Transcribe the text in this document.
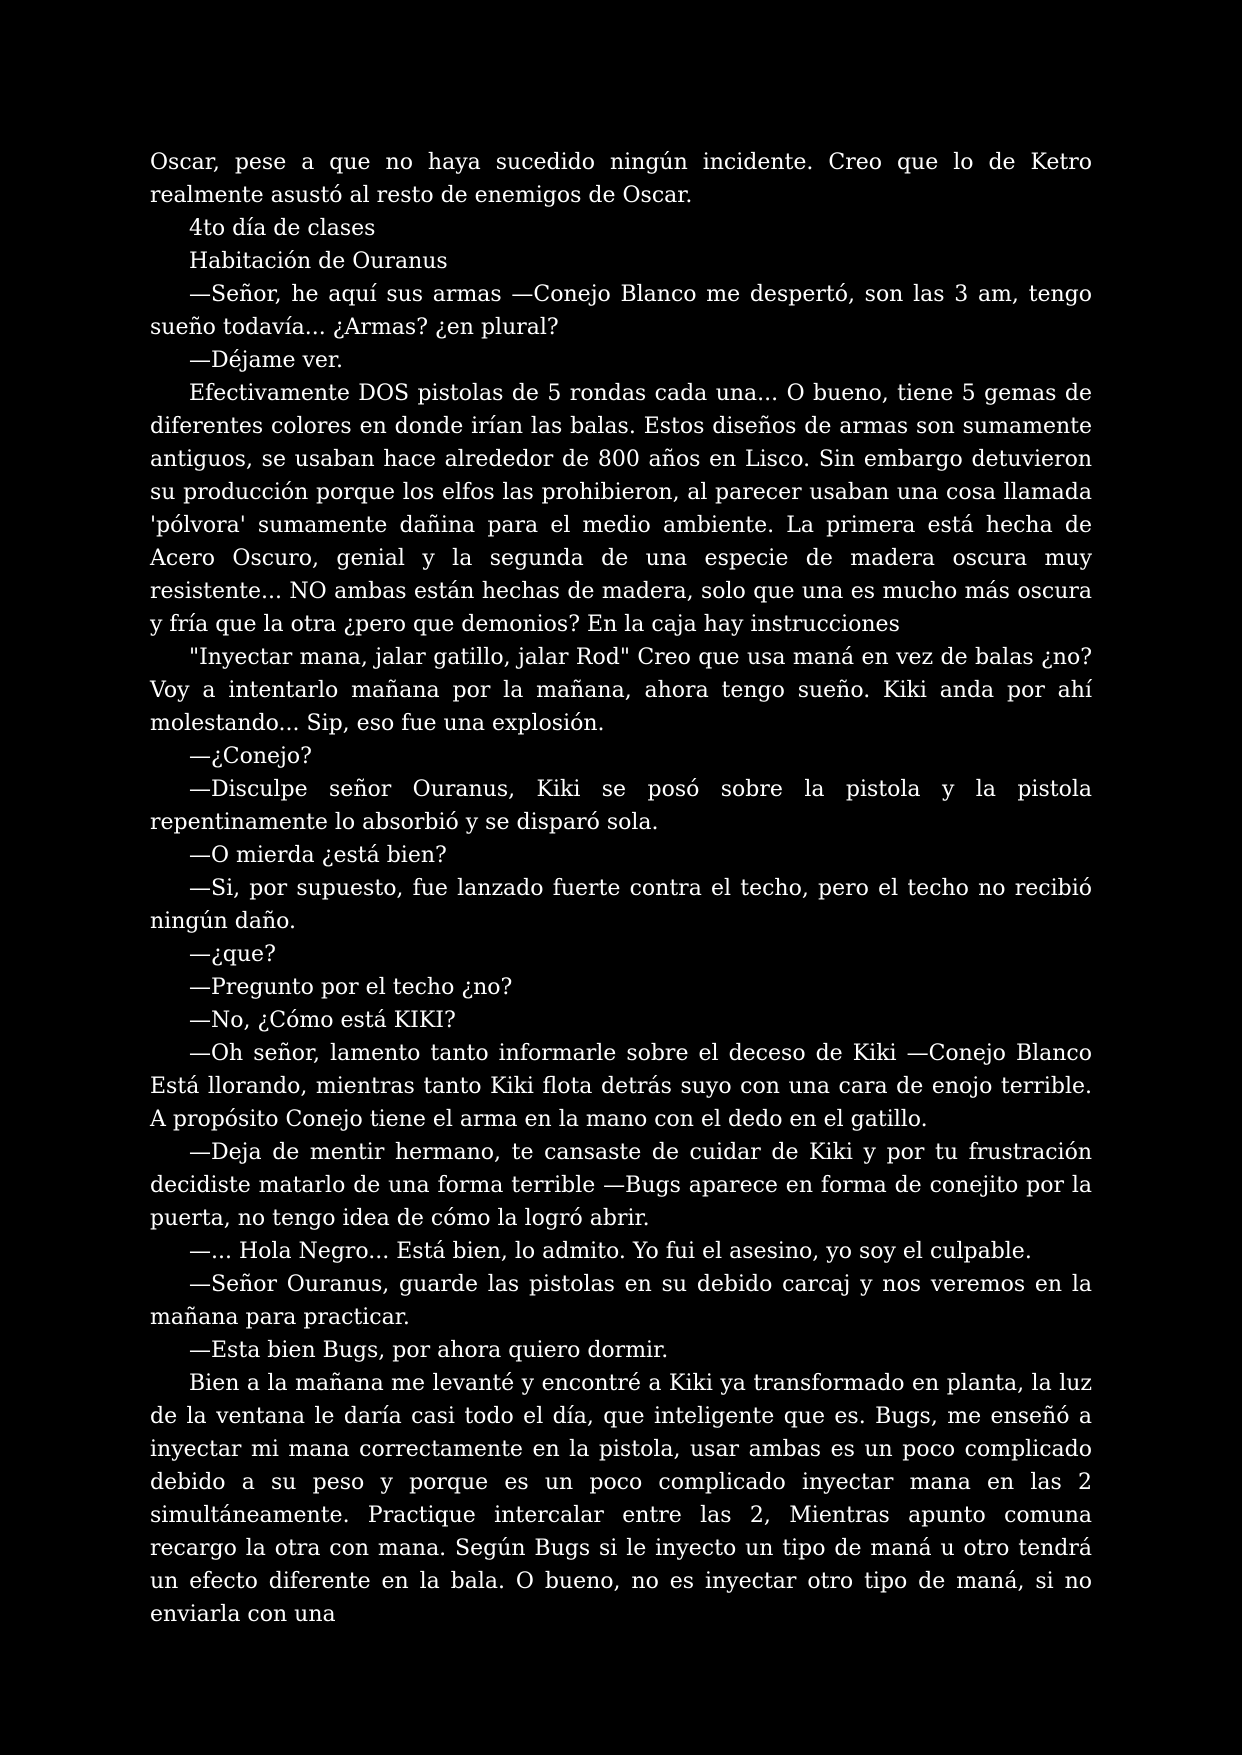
Oscar, pese a que no haya sucedido ningún incidente. Creo que lo de Ketro realmente asustó al resto de enemigos de Oscar.

4to día de clases

Habitación de Ouranus

—Señor, he aquí sus armas —Conejo Blanco me despertó, son las 3 am, tengo sueño todavía... ¿Armas? ¿en plural?

—Déjame ver.

Efectivamente DOS pistolas de 5 rondas cada una... O bueno, tiene 5 gemas de diferentes colores en donde irían las balas. Estos diseños de armas son sumamente antiguos, se usaban hace alrededor de 800 años en Lisco. Sin embargo detuvieron su producción porque los elfos las prohibieron, al parecer usaban una cosa llamada 'pólvora' sumamente dañina para el medio ambiente. La primera está hecha de Acero Oscuro, genial y la segunda de una especie de madera oscura muy resistente... NO ambas están hechas de madera, solo que una es mucho más oscura y fría que la otra ¿pero que demonios? En la caja hay instrucciones

"Inyectar mana, jalar gatillo, jalar Rod" Creo que usa maná en vez de balas ¿no? Voy a intentarlo mañana por la mañana, ahora tengo sueño. Kiki anda por ahí molestando... Sip, eso fue una explosión.

—¿Conejo?

—Disculpe señor Ouranus, Kiki se posó sobre la pistola y la pistola repentinamente lo absorbió y se disparó sola.

—O mierda ¿está bien?

—Si, por supuesto, fue lanzado fuerte contra el techo, pero el techo no recibió ningún daño.

—¿que?

—Pregunto por el techo ¿no?

—No, ¿Cómo está KIKI?

—Oh señor, lamento tanto informarle sobre el deceso de Kiki —Conejo Blanco Está llorando, mientras tanto Kiki flota detrás suyo con una cara de enojo terrible. A propósito Conejo tiene el arma en la mano con el dedo en el gatillo.

—Deja de mentir hermano, te cansaste de cuidar de Kiki y por tu frustración decidiste matarlo de una forma terrible —Bugs aparece en forma de conejito por la puerta, no tengo idea de cómo la logró abrir.

—... Hola Negro... Está bien, lo admito. Yo fui el asesino, yo soy el culpable.

—Señor Ouranus, guarde las pistolas en su debido carcaj y nos veremos en la mañana para practicar.

—Esta bien Bugs, por ahora quiero dormir.

Bien a la mañana me levanté y encontré a Kiki ya transformado en planta, la luz de la ventana le daría casi todo el día, que inteligente que es. Bugs, me enseñó a inyectar mi mana correctamente en la pistola, usar ambas es un poco complicado debido a su peso y porque es un poco complicado inyectar mana en las 2 simultáneamente. Practique intercalar entre las 2, Mientras apunto comuna recargo la otra con mana. Según Bugs si le inyecto un tipo de maná u otro tendrá un efecto diferente en la bala. O bueno, no es inyectar otro tipo de maná, si no enviarla con una
